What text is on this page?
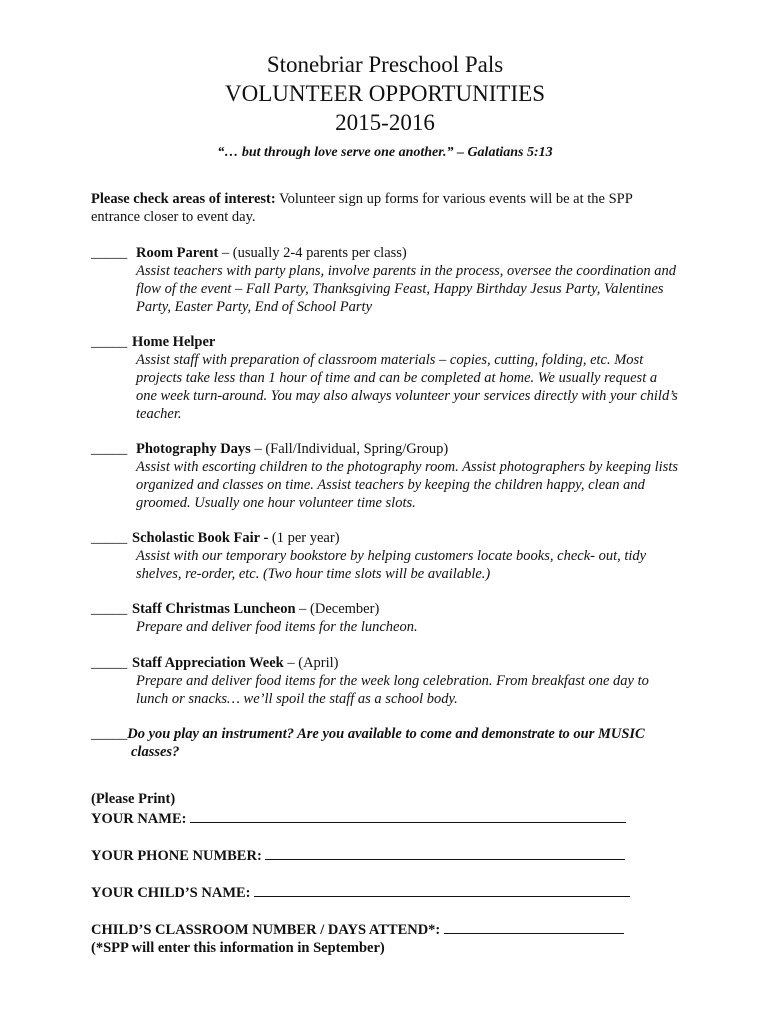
Stonebriar Preschool Pals
VOLUNTEER OPPORTUNITIES
2015-2016
“… but through love serve one another.” – Galatians 5:13
Please check areas of interest: Volunteer sign up forms for various events will be at the SPP entrance closer to event day.
_____ Room Parent – (usually 2-4 parents per class)
Assist teachers with party plans, involve parents in the process, oversee the coordination and flow of the event – Fall Party, Thanksgiving Feast, Happy Birthday Jesus Party, Valentines Party, Easter Party, End of School Party
_____ Home Helper
Assist staff with preparation of classroom materials – copies, cutting, folding, etc. Most projects take less than 1 hour of time and can be completed at home. We usually request a one week turn-around. You may also always volunteer your services directly with your child’s teacher.
_____ Photography Days – (Fall/Individual, Spring/Group)
Assist with escorting children to the photography room. Assist photographers by keeping lists organized and classes on time. Assist teachers by keeping the children happy, clean and groomed. Usually one hour volunteer time slots.
_____ Scholastic Book Fair - (1 per year)
Assist with our temporary bookstore by helping customers locate books, check- out, tidy shelves, re-order, etc. (Two hour time slots will be available.)
_____ Staff Christmas Luncheon – (December)
Prepare and deliver food items for the luncheon.
_____ Staff Appreciation Week – (April)
Prepare and deliver food items for the week long celebration. From breakfast one day to lunch or snacks… we’ll spoil the staff as a school body.
_____Do you play an instrument? Are you available to come and demonstrate to our MUSIC
classes?
(Please Print)
YOUR NAME:
YOUR PHONE NUMBER:
YOUR CHILD’S NAME:
CHILD’S CLASSROOM NUMBER / DAYS ATTEND*:
(*SPP will enter this information in September)
